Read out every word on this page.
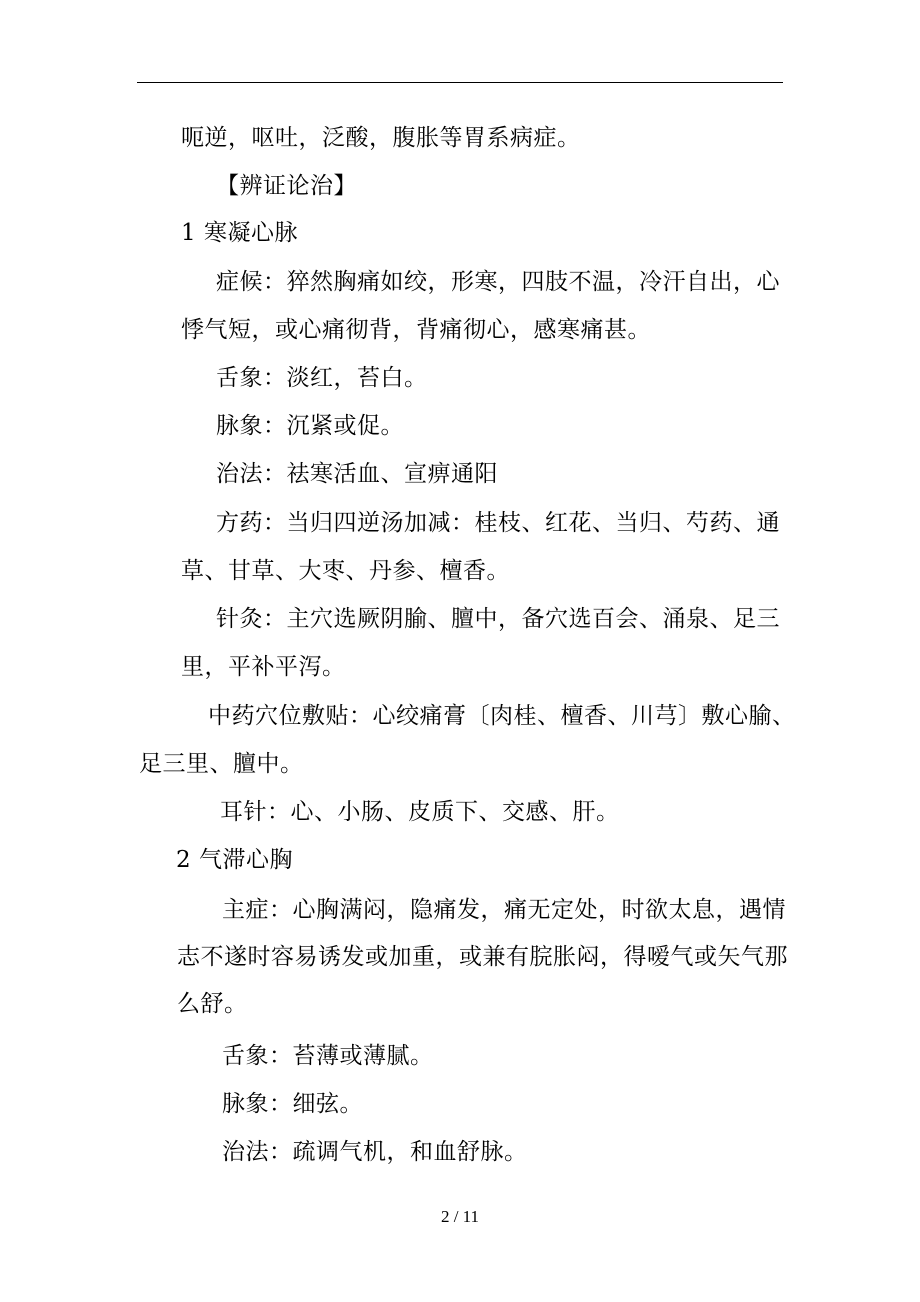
呃逆，呕吐，泛酸，腹胀等胃系病症。
【辨证论治】
1 寒凝心脉
症候：猝然胸痛如绞，形寒，四肢不温，冷汗自出，心
悸气短，或心痛彻背，背痛彻心，感寒痛甚。
舌象：淡红，苔白。
脉象：沉紧或促。
治法：祛寒活血、宣痹通阳
方药：当归四逆汤加减：桂枝、红花、当归、芍药、通
草、甘草、大枣、丹参、檀香。
针灸：主穴选厥阴腧、膻中，备穴选百会、涌泉、足三
里，平补平泻。
中药穴位敷贴：心绞痛膏〔肉桂、檀香、川芎〕敷心腧、
足三里、膻中。
耳针：心、小肠、皮质下、交感、肝。
2 气滞心胸
主症：心胸满闷，隐痛发，痛无定处，时欲太息，遇情
志不遂时容易诱发或加重，或兼有脘胀闷，得嗳气或矢气那
么舒。
舌象：苔薄或薄腻。
脉象：细弦。
治法：疏调气机，和血舒脉。
2 / 11
